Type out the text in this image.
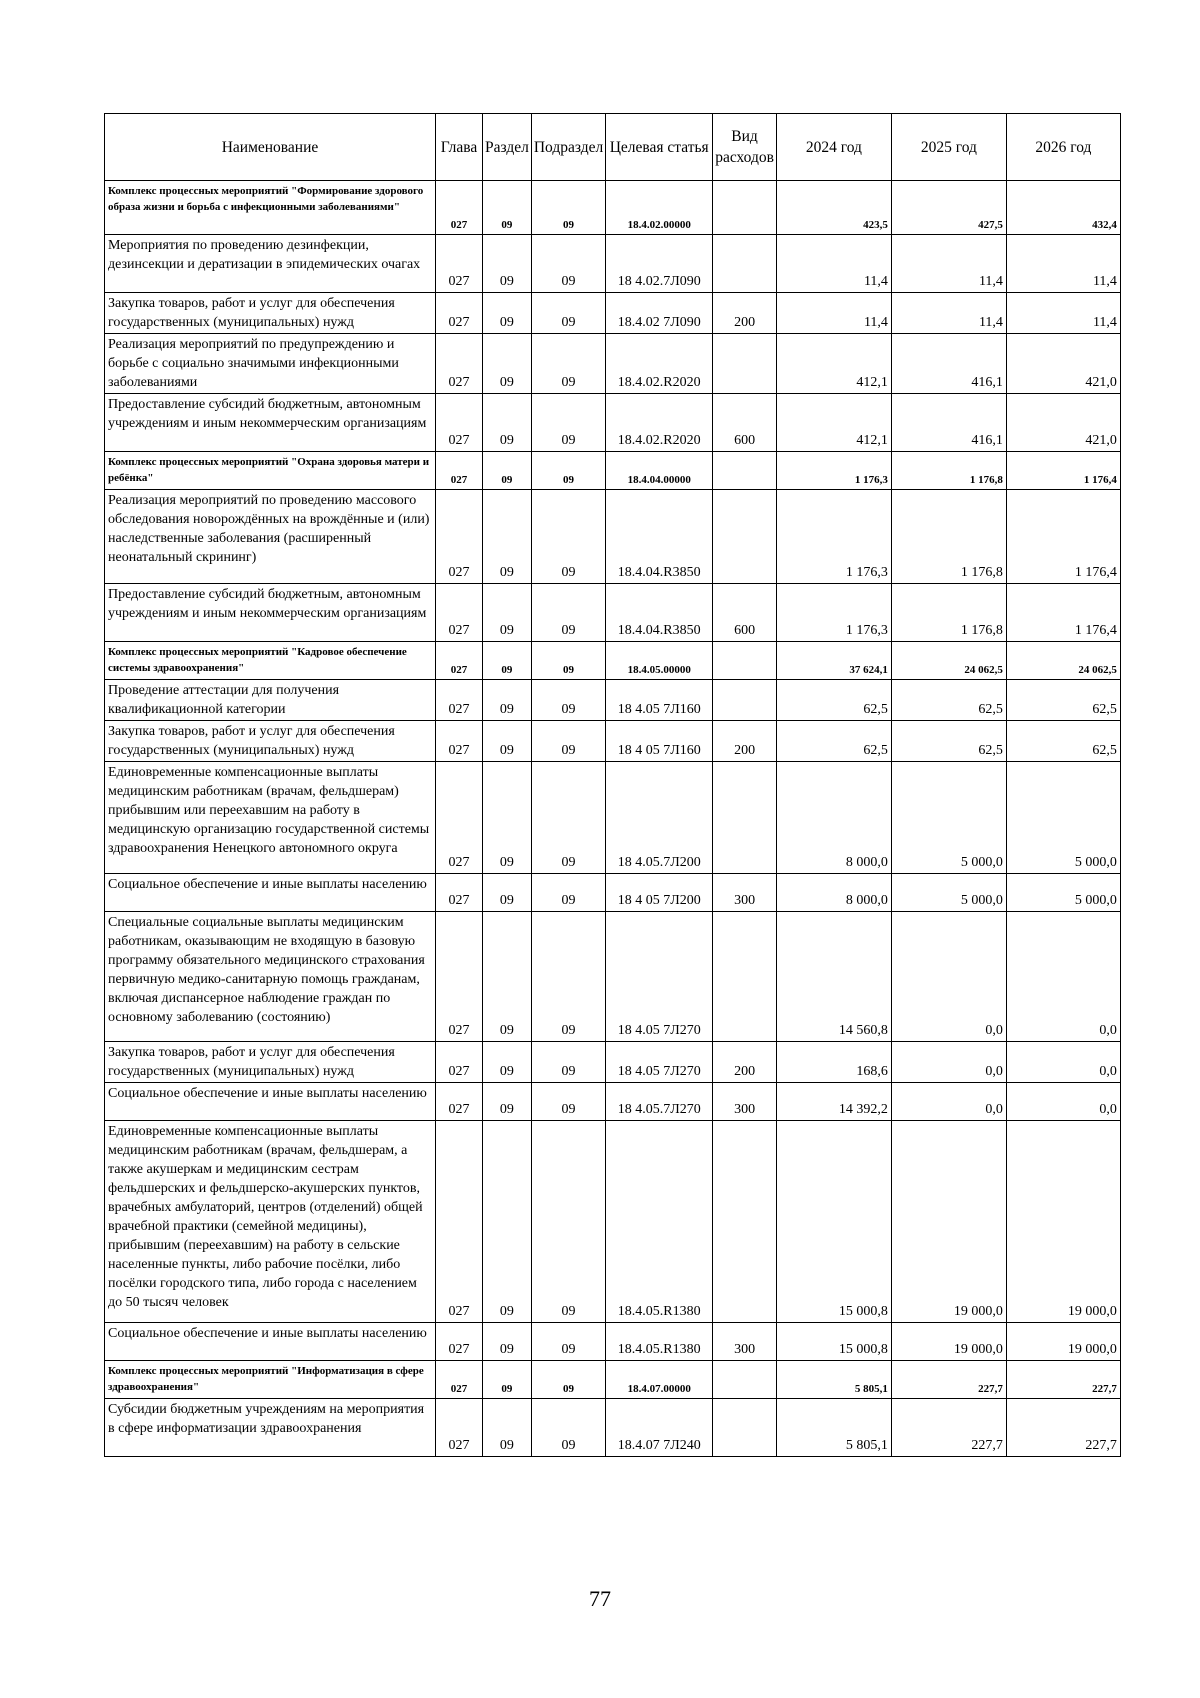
Наименование	Глава	Раздел	Подраздел	Целевая статья	Вид расходов	2024 год	2025 год	2026 год
Комплекс процессных мероприятий "Формирование здорового образа жизни и борьба с инфекционными заболеваниями"	027	09	09	18.4.02.00000		423,5	427,5	432,4
Мероприятия по проведению дезинфекции, дезинсекции и дератизации в эпидемических очагах	027	09	09	18 4.02.7Л090		11,4	11,4	11,4
Закупка товаров, работ и услуг для обеспечения государственных (муниципальных) нужд	027	09	09	18.4.02 7Л090	200	11,4	11,4	11,4
Реализация мероприятий по предупреждению и борьбе с социально значимыми инфекционными заболеваниями	027	09	09	18.4.02.R2020		412,1	416,1	421,0
Предоставление субсидий бюджетным, автономным учреждениям и иным некоммерческим организациям	027	09	09	18.4.02.R2020	600	412,1	416,1	421,0
Комплекс процессных мероприятий "Охрана здоровья матери и ребёнка"	027	09	09	18.4.04.00000		1 176,3	1 176,8	1 176,4
Реализация мероприятий по проведению массового обследования новорождённых на врождённые и (или) наследственные заболевания (расширенный неонатальный скрининг)	027	09	09	18.4.04.R3850		1 176,3	1 176,8	1 176,4
Предоставление субсидий бюджетным, автономным учреждениям и иным некоммерческим организациям	027	09	09	18.4.04.R3850	600	1 176,3	1 176,8	1 176,4
Комплекс процессных мероприятий "Кадровое обеспечение системы здравоохранения"	027	09	09	18.4.05.00000		37 624,1	24 062,5	24 062,5
Проведение аттестации для получения квалификационной категории	027	09	09	18 4.05 7Л160		62,5	62,5	62,5
Закупка товаров, работ и услуг для обеспечения государственных (муниципальных) нужд	027	09	09	18 4 05 7Л160	200	62,5	62,5	62,5
Единовременные компенсационные выплаты медицинским работникам (врачам, фельдшерам) прибывшим или переехавшим на работу в медицинскую организацию государственной системы здравоохранения Ненецкого автономного округа	027	09	09	18 4.05.7Л200		8 000,0	5 000,0	5 000,0
Социальное обеспечение и иные выплаты населению	027	09	09	18 4 05 7Л200	300	8 000,0	5 000,0	5 000,0
Специальные социальные выплаты медицинским работникам, оказывающим не входящую в базовую программу обязательного медицинского страхования первичную медико-санитарную помощь гражданам, включая диспансерное наблюдение граждан по основному заболеванию (состоянию)	027	09	09	18 4.05 7Л270		14 560,8	0,0	0,0
Закупка товаров, работ и услуг для обеспечения государственных (муниципальных) нужд	027	09	09	18 4.05 7Л270	200	168,6	0,0	0,0
Социальное обеспечение и иные выплаты населению	027	09	09	18 4.05.7Л270	300	14 392,2	0,0	0,0
Единовременные компенсационные выплаты медицинским работникам (врачам, фельдшерам, а также акушеркам и медицинским сестрам фельдшерских и фельдшерско-акушерских пунктов, врачебных амбулаторий, центров (отделений) общей врачебной практики (семейной медицины), прибывшим (переехавшим) на работу в сельские населенные пункты, либо рабочие посёлки, либо посёлки городского типа, либо города с населением до 50 тысяч человек	027	09	09	18.4.05.R1380		15 000,8	19 000,0	19 000,0
Социальное обеспечение и иные выплаты населению	027	09	09	18.4.05.R1380	300	15 000,8	19 000,0	19 000,0
Комплекс процессных мероприятий "Информатизация в сфере здравоохранения"	027	09	09	18.4.07.00000		5 805,1	227,7	227,7
Субсидии бюджетным учреждениям на мероприятия в сфере информатизации здравоохранения	027	09	09	18.4.07 7Л240		5 805,1	227,7	227,7
77
